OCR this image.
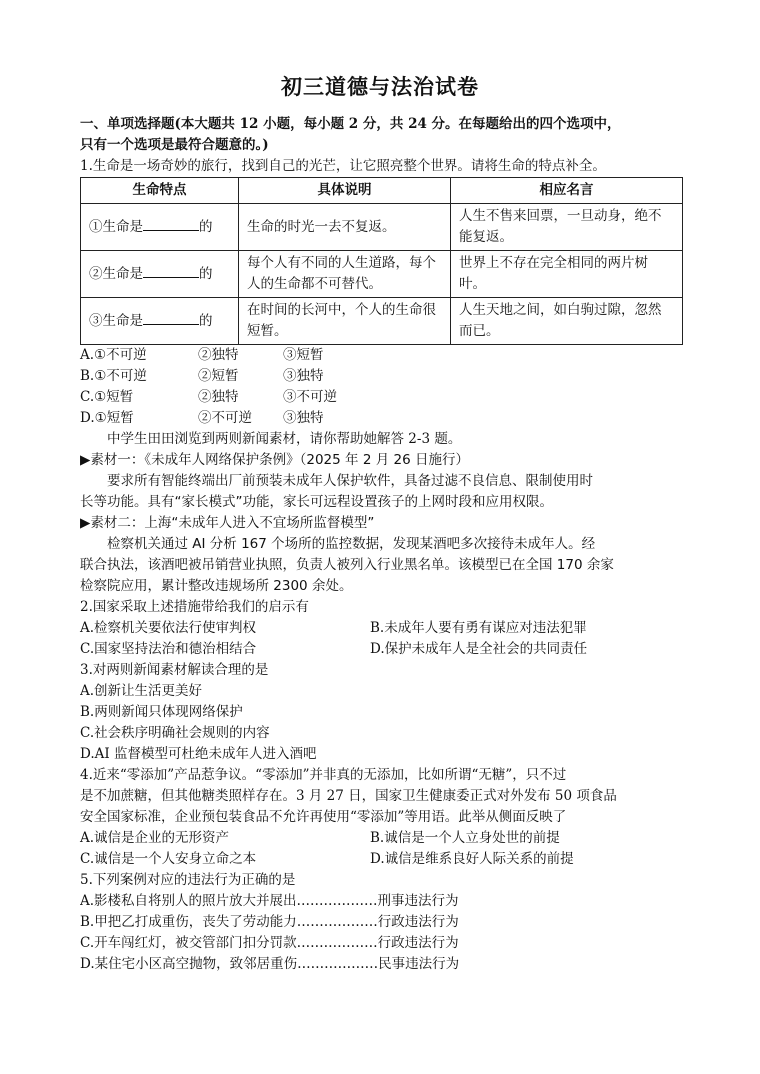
初三道德与法治试卷
一、单项选择题(本大题共 12 小题，每小题 2 分，共 24 分。在每题给出的四个选项中，
只有一个选项是最符合题意的。)
1.生命是一场奇妙的旅行，找到自己的光芒，让它照亮整个世界。请将生命的特点补全。
生命特点	具体说明	相应名言
①生命是 的	生命的时光一去不复返。	人生不售来回票，一旦动身，绝不能复返。
②生命是 的	每个人有不同的人生道路，每个人的生命都不可替代。	世界上不存在完全相同的两片树叶。
③生命是 的	在时间的长河中，个人的生命很短暂。	人生天地之间，如白驹过隙，忽然而已。
A.①不可逆	②独特	③短暂
B.①不可逆	②短暂	③独特
C.①短暂	②独特	③不可逆
D.①短暂	②不可逆	③独特
中学生田田浏览到两则新闻素材，请你帮助她解答 2-3 题。
▶素材一：《未成年人网络保护条例》（2025 年 2 月 26 日施行）
要求所有智能终端出厂前预装未成年人保护软件，具备过滤不良信息、限制使用时
长等功能。具有“家长模式”功能，家长可远程设置孩子的上网时段和应用权限。
▶素材二：上海“未成年人进入不宜场所监督模型”
检察机关通过 AI 分析 167 个场所的监控数据，发现某酒吧多次接待未成年人。经
联合执法，该酒吧被吊销营业执照，负责人被列入行业黑名单。该模型已在全国 170 余家
检察院应用，累计整改违规场所 2300 余处。
2.国家采取上述措施带给我们的启示有
A.检察机关要依法行使审判权	B.未成年人要有勇有谋应对违法犯罪
C.国家坚持法治和德治相结合	D.保护未成年人是全社会的共同责任
3.对两则新闻素材解读合理的是
A.创新让生活更美好
B.两则新闻只体现网络保护
C.社会秩序明确社会规则的内容
D.AI 监督模型可杜绝未成年人进入酒吧
4.近来“零添加”产品惹争议。“零添加”并非真的无添加，比如所谓“无糖”，只不过
是不加蔗糖，但其他糖类照样存在。3 月 27 日，国家卫生健康委正式对外发布 50 项食品
安全国家标准，企业预包装食品不允许再使用“零添加”等用语。此举从侧面反映了
A.诚信是企业的无形资产	B.诚信是一个人立身处世的前提
C.诚信是一个人安身立命之本	D.诚信是维系良好人际关系的前提
5.下列案例对应的违法行为正确的是
A.影楼私自将别人的照片放大并展出………………刑事违法行为
B.甲把乙打成重伤，丧失了劳动能力………………行政违法行为
C.开车闯红灯，被交管部门扣分罚款………………行政违法行为
D.某住宅小区高空抛物，致邻居重伤………………民事违法行为
